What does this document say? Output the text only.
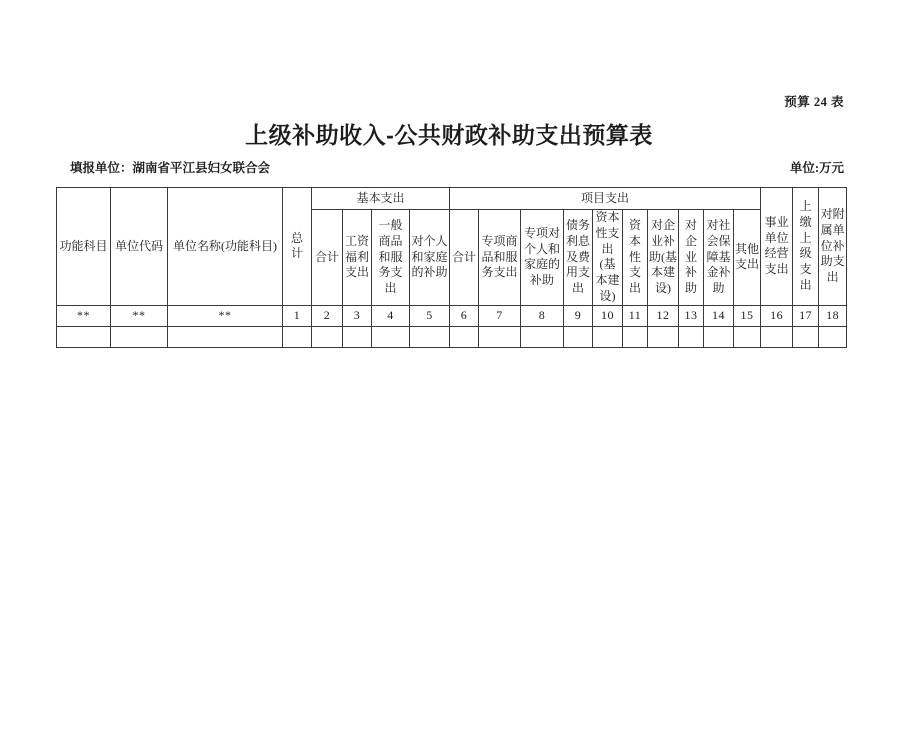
预算 24 表
上级补助收入-公共财政补助支出预算表
填报单位：湖南省平江县妇女联合会	单位:万元
功能科目	单位代码	单位名称(功能科目)	总 计	基本支出				项目支出										事业单位经营支出	上缴上级支出	对附属单位补助支出
				合计	工资福利支出	一般商品和服务支出	对个人和家庭的补助	合计	专项商品和服务支出	专项对个人和家庭的补助	债务利息及费用支出	资本性支出(基本建设)	资本性支出	对企业补助(基本建设)	对企业补助	对社会保障基金补助	其他支出			
**	**	**	1	2	3	4	5	6	7	8	9	10	11	12	13	14	15	16	17	18
